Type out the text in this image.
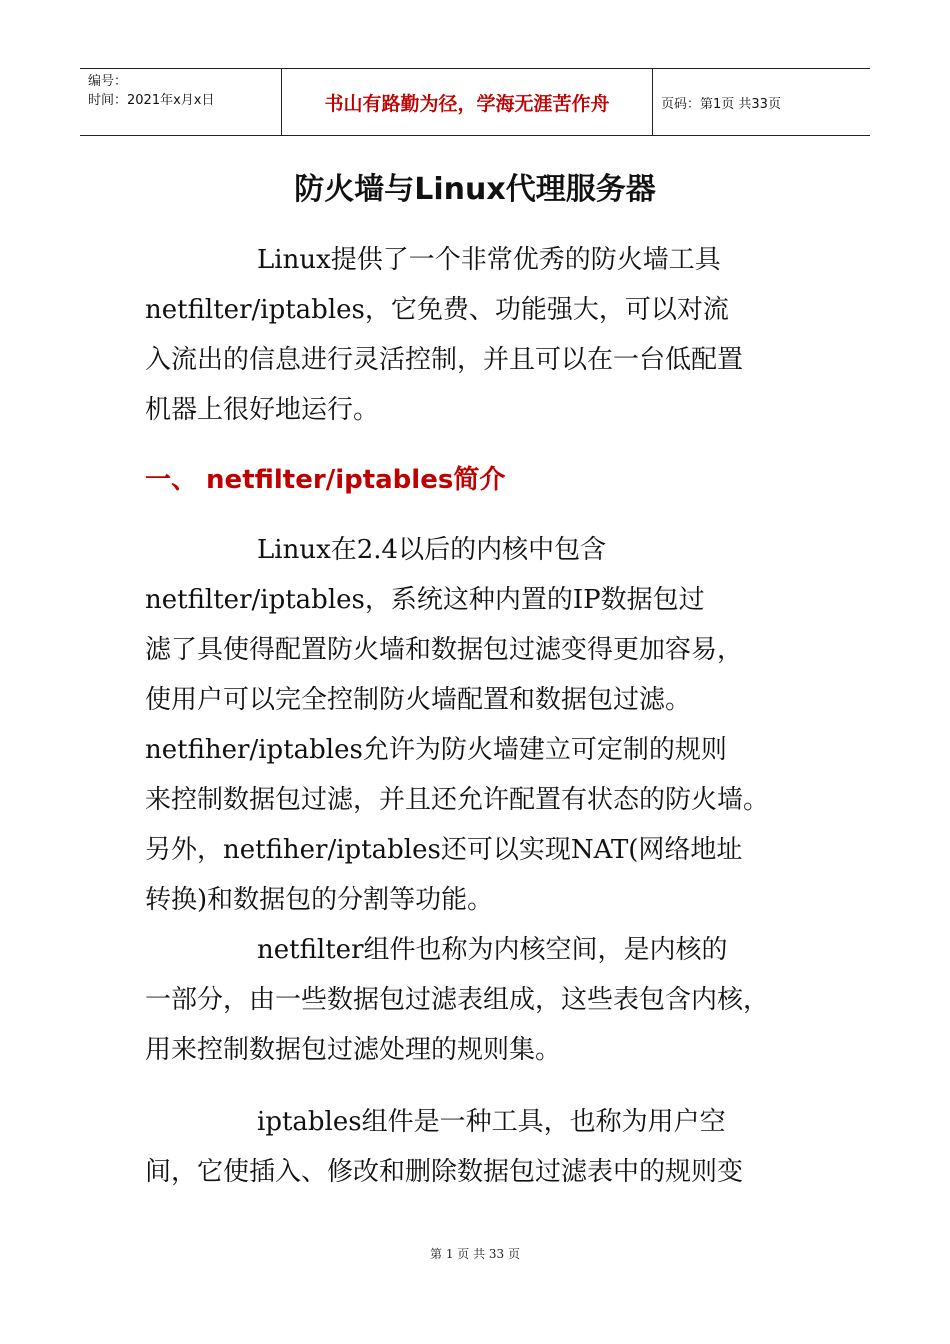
编号：
时间：2021年x月x日	书山有路勤为径，学海无涯苦作舟	页码：第1页 共33页
防火墙与Linux代理服务器

Linux提供了一个非常优秀的防火墙工具
netfilter/iptables，它免费、功能强大，可以对流
入流出的信息进行灵活控制，并且可以在一台低配置
机器上很好地运行。

一、 netfilter/iptables简介

Linux在2.4以后的内核中包含
netfilter/iptables，系统这种内置的IP数据包过
滤了具使得配置防火墙和数据包过滤变得更加容易，
使用户可以完全控制防火墙配置和数据包过滤。
netfiher/iptables允许为防火墙建立可定制的规则
来控制数据包过滤，并且还允许配置有状态的防火墙。
另外，netfiher/iptables还可以实现NAT(网络地址
转换)和数据包的分割等功能。

netfilter组件也称为内核空间，是内核的
一部分，由一些数据包过滤表组成，这些表包含内核，
用来控制数据包过滤处理的规则集。

iptables组件是一种工具，也称为用户空
间，它使插入、修改和删除数据包过滤表中的规则变

第 1 页 共 33 页
